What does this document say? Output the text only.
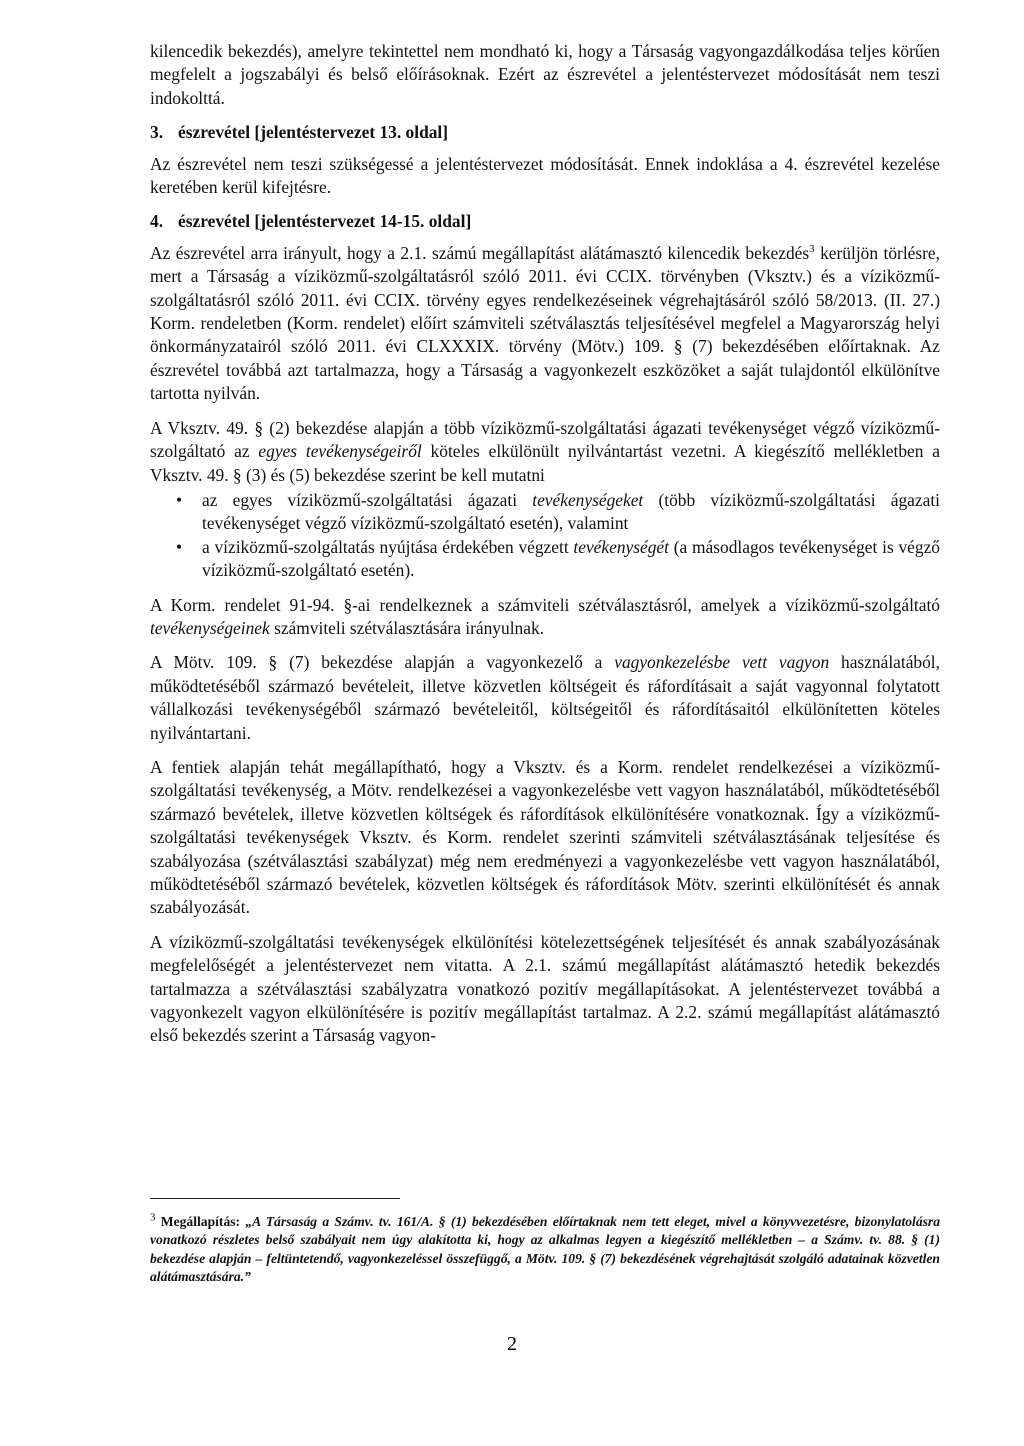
kilencedik bekezdés), amelyre tekintettel nem mondható ki, hogy a Társaság vagyongazdálkodása teljes körűen megfelelt a jogszabályi és belső előírásoknak. Ezért az észrevétel a jelentéstervezet módosítását nem teszi indokolttá.

3. észrevétel [jelentéstervezet 13. oldal]

Az észrevétel nem teszi szükségessé a jelentéstervezet módosítását. Ennek indoklása a 4. észrevétel kezelése keretében kerül kifejtésre.

4. észrevétel [jelentéstervezet 14-15. oldal]

Az észrevétel arra irányult, hogy a 2.1. számú megállapítást alátámasztó kilencedik bekezdés$^3$ kerüljön törlésre, mert a Társaság a víziközmű-szolgáltatásról szóló 2011. évi CCIX. törvényben (Vksztv.) és a víziközmű-szolgáltatásról szóló 2011. évi CCIX. törvény egyes rendelkezéseinek végrehajtásáról szóló 58/2013. (II. 27.) Korm. rendeletben (Korm. rendelet) előírt számviteli szétválasztás teljesítésével megfelel a Magyarország helyi önkormányzatairól szóló 2011. évi CLXXXIX. törvény (Mötv.) 109. § (7) bekezdésében előírtaknak. Az észrevétel továbbá azt tartalmazza, hogy a Társaság a vagyonkezelt eszközöket a saját tulajdontól elkülönítve tartotta nyilván.

A Vksztv. 49. § (2) bekezdése alapján a több víziközmű-szolgáltatási ágazati tevékenységet végző víziközmű-szolgáltató az egyes tevékenységeiről köteles elkülönült nyilvántartást vezetni. A kiegészítő mellékletben a Vksztv. 49. § (3) és (5) bekezdése szerint be kell mutatni

• az egyes víziközmű-szolgáltatási ágazati tevékenységeket (több víziközmű-szolgáltatási ágazati tevékenységet végző víziközmű-szolgáltató esetén), valamint
• a víziközmű-szolgáltatás nyújtása érdekében végzett tevékenységét (a másodlagos tevékenységet is végző víziközmű-szolgáltató esetén).

A Korm. rendelet 91-94. §-ai rendelkeznek a számviteli szétválasztásról, amelyek a víziközmű-szolgáltató tevékenységeinek számviteli szétválasztására irányulnak.

A Mötv. 109. § (7) bekezdése alapján a vagyonkezelő a vagyonkezelésbe vett vagyon használatából, működtetéséből származó bevételeit, illetve közvetlen költségeit és ráfordításait a saját vagyonnal folytatott vállalkozási tevékenységéből származó bevételeitől, költségeitől és ráfordításaitól elkülönítetten köteles nyilvántartani.

A fentiek alapján tehát megállapítható, hogy a Vksztv. és a Korm. rendelet rendelkezései a víziközmű-szolgáltatási tevékenység, a Mötv. rendelkezései a vagyonkezelésbe vett vagyon használatából, működtetéséből származó bevételek, illetve közvetlen költségek és ráfordítások elkülönítésére vonatkoznak. Így a víziközmű-szolgáltatási tevékenységek Vksztv. és Korm. rendelet szerinti számviteli szétválasztásának teljesítése és szabályozása (szétválasztási szabályzat) még nem eredményezi a vagyonkezelésbe vett vagyon használatából, működtetéséből származó bevételek, közvetlen költségek és ráfordítások Mötv. szerinti elkülönítését és annak szabályozását.

A víziközmű-szolgáltatási tevékenységek elkülönítési kötelezettségének teljesítését és annak szabályozásának megfelelőségét a jelentéstervezet nem vitatta. A 2.1. számú megállapítást alátámasztó hetedik bekezdés tartalmazza a szétválasztási szabályzatra vonatkozó pozitív megállapításokat. A jelentéstervezet továbbá a vagyonkezelt vagyon elkülönítésére is pozitív megállapítást tartalmaz. A 2.2. számú megállapítást alátámasztó első bekezdés szerint a Társaság vagyon-

$^3$ Megállapítás: „A Társaság a Számv. tv. 161/A. § (1) bekezdésében előírtaknak nem tett eleget, mivel a könyvvezetésre, bizonylatolásra vonatkozó részletes belső szabályait nem úgy alakította ki, hogy az alkalmas legyen a kiegészítő mellékletben – a Számv. tv. 88. § (1) bekezdése alapján – feltüntetendő, vagyonkezeléssel összefüggő, a Mötv. 109. § (7) bekezdésének végrehajtását szolgáló adatainak közvetlen alátámasztására.”
2
